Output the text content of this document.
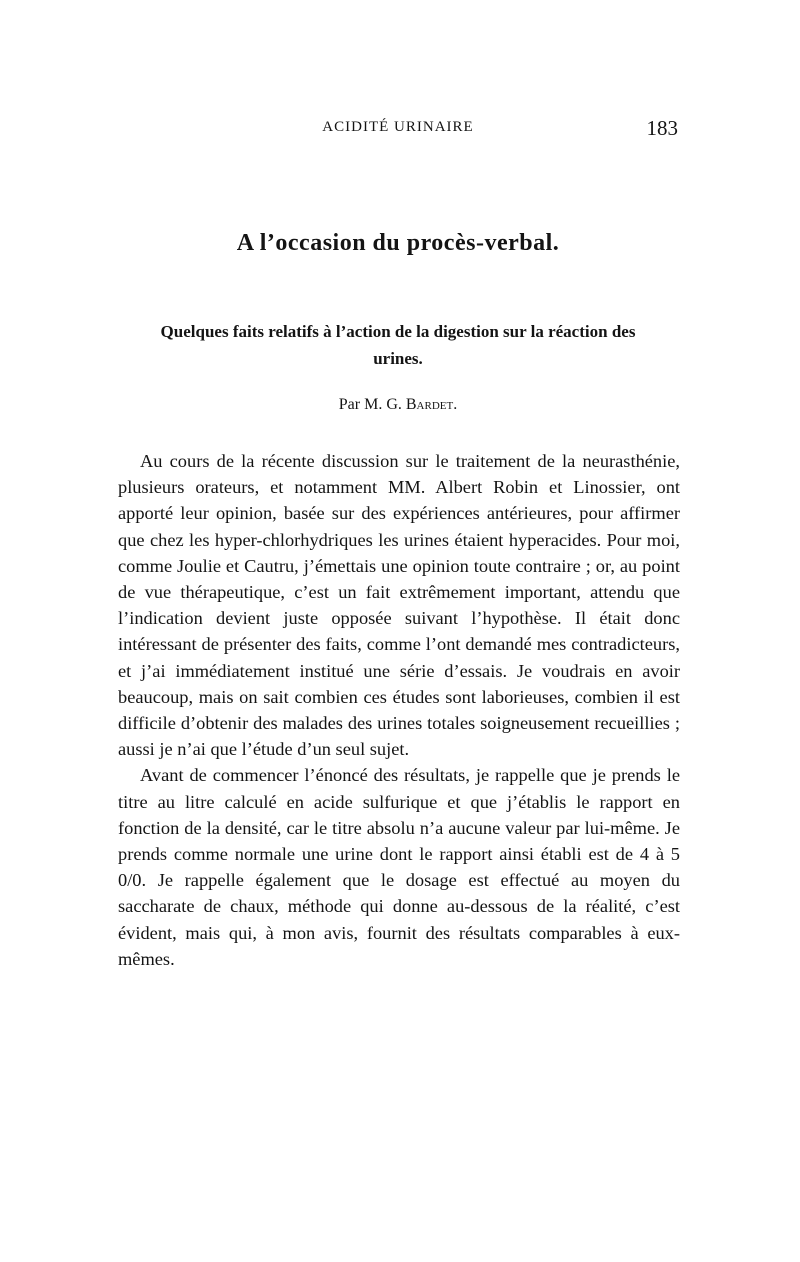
ACIDITÉ URINAIRE	183
A l’occasion du procès-verbal.
Quelques faits relatifs à l’action de la digestion sur la réaction des urines.
Par M. G. Bardet.

Au cours de la récente discussion sur le traitement de la neurasthénie, plusieurs orateurs, et notamment MM. Albert Robin et Linossier, ont apporté leur opinion, basée sur des expériences antérieures, pour affirmer que chez les hyper-chlorhydriques les urines étaient hyperacides. Pour moi, comme Joulie et Cautru, j’émettais une opinion toute contraire ; or, au point de vue thérapeutique, c’est un fait extrêmement important, attendu que l’indication devient juste opposée suivant l’hypothèse. Il était donc intéressant de présenter des faits, comme l’ont demandé mes contradicteurs, et j’ai immédiatement institué une série d’essais. Je voudrais en avoir beaucoup, mais on sait combien ces études sont laborieuses, combien il est difficile d’obtenir des malades des urines totales soigneusement recueillies ; aussi je n’ai que l’étude d’un seul sujet.

Avant de commencer l’énoncé des résultats, je rappelle que je prends le titre au litre calculé en acide sulfurique et que j’établis le rapport en fonction de la densité, car le titre absolu n’a aucune valeur par lui-même. Je prends comme normale une urine dont le rapport ainsi établi est de 4 à 5 0/0. Je rappelle également que le dosage est effectué au moyen du saccharate de chaux, méthode qui donne au-dessous de la réalité, c’est évident, mais qui, à mon avis, fournit des résultats comparables à eux-mêmes.
